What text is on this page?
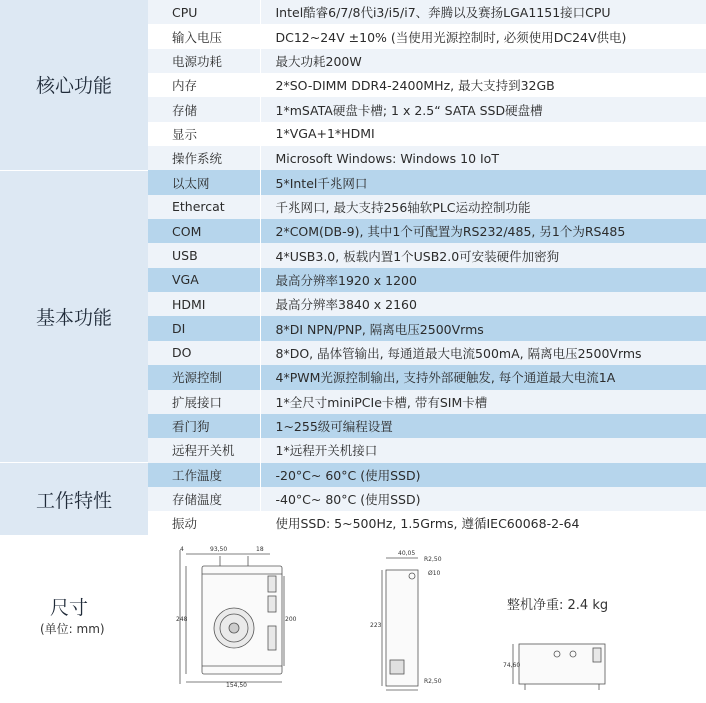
核心功能	CPU	Intel酷睿6/7/8代i3/i5/i7、奔腾以及赛扬LGA1151接口CPU
	输入电压	DC12~24V ±10% (当使用光源控制时, 必须使用DC24V供电)
	电源功耗	最大功耗200W
	内存	2*SO-DIMM DDR4-2400MHz, 最大支持到32GB
	存储	1*mSATA硬盘卡槽; 1 x 2.5“ SATA SSD硬盘槽
	显示	1*VGA+1*HDMI
	操作系统	Microsoft Windows: Windows 10 IoT
基本功能	以太网	5*Intel千兆网口
	Ethercat	千兆网口, 最大支持256轴软PLC运动控制功能
	COM	2*COM(DB-9), 其中1个可配置为RS232/485, 另1个为RS485
	USB	4*USB3.0, 板载内置1个USB2.0可安装硬件加密狗
	VGA	最高分辨率1920 x 1200
	HDMI	最高分辨率3840 x 2160
	DI	8*DI NPN/PNP, 隔离电压2500Vrms
	DO	8*DO, 晶体管输出, 每通道最大电流500mA, 隔离电压2500Vrms
	光源控制	4*PWM光源控制输出, 支持外部硬触发, 每个通道最大电流1A
	扩展接口	1*全尺寸miniPCIe卡槽, 带有SIM卡槽
	看门狗	1~255级可编程设置
	远程开关机	1*远程开关机接口
工作特性	工作温度	-20°C~ 60°C (使用SSD)
	存储温度	-40°C~ 80°C (使用SSD)
	振动	使用SSD: 5~500Hz, 1.5Grms, 遵循IEC60068-2-64
尺寸
(单位: mm)
4	93,50	18
248	200
154,50
40,05
R2,50
Ø10
223
R2,50
74,60
整机净重: 2.4 kg
